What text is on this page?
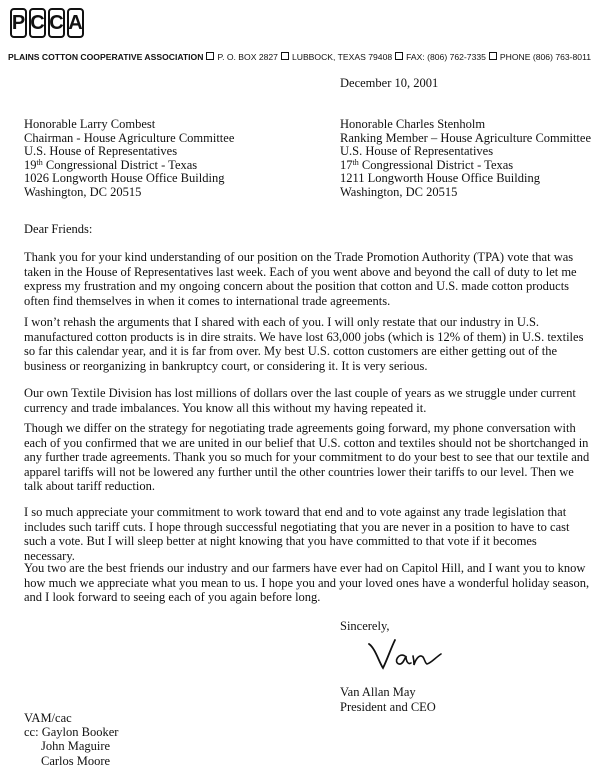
P C C A
PLAINS COTTON COOPERATIVE ASSOCIATION P. O. BOX 2827 LUBBOCK, TEXAS 79408 FAX: (806) 762-7335 PHONE (806) 763-8011
December 10, 2001
Honorable Larry Combest
Chairman - House Agriculture Committee
U.S. House of Representatives
19th Congressional District - Texas
1026 Longworth House Office Building
Washington, DC 20515
Honorable Charles Stenholm
Ranking Member – House Agriculture Committee
U.S. House of Representatives
17th Congressional District - Texas
1211 Longworth House Office Building
Washington, DC 20515
Dear Friends:

Thank you for your kind understanding of our position on the Trade Promotion Authority (TPA) vote that was taken in the House of Representatives last week. Each of you went above and beyond the call of duty to let me express my frustration and my ongoing concern about the position that cotton and U.S. made cotton products often find themselves in when it comes to international trade agreements.

I won’t rehash the arguments that I shared with each of you. I will only restate that our industry in U.S. manufactured cotton products is in dire straits. We have lost 63,000 jobs (which is 12% of them) in U.S. textiles so far this calendar year, and it is far from over. My best U.S. cotton customers are either getting out of the business or reorganizing in bankruptcy court, or considering it. It is very serious.

Our own Textile Division has lost millions of dollars over the last couple of years as we struggle under current currency and trade imbalances. You know all this without my having repeated it.

Though we differ on the strategy for negotiating trade agreements going forward, my phone conversation with each of you confirmed that we are united in our belief that U.S. cotton and textiles should not be shortchanged in any further trade agreements. Thank you so much for your commitment to do your best to see that our textile and apparel tariffs will not be lowered any further until the other countries lower their tariffs to our level. Then we talk about tariff reduction.

I so much appreciate your commitment to work toward that end and to vote against any trade legislation that includes such tariff cuts. I hope through successful negotiating that you are never in a position to have to cast such a vote. But I will sleep better at night knowing that you have committed to that vote if it becomes necessary.

You two are the best friends our industry and our farmers have ever had on Capitol Hill, and I want you to know how much we appreciate what you mean to us. I hope you and your loved ones have a wonderful holiday season, and I look forward to seeing each of you again before long.

Sincerely,
Van Allan May
President and CEO
VAM/cac
cc: Gaylon Booker
John Maguire
Carlos Moore
